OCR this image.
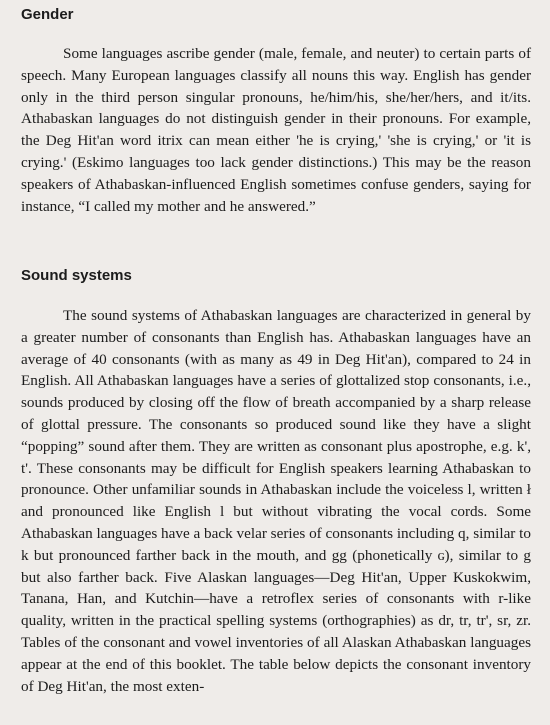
Gender

Some languages ascribe gender (male, female, and neuter) to certain parts of speech. Many European languages classify all nouns this way. English has gender only in the third person singular pronouns, he/him/his, she/her/hers, and it/its. Athabaskan languages do not distinguish gender in their pronouns. For example, the Deg Hit'an word itrix can mean either 'he is crying,' 'she is crying,' or 'it is crying.' (Eskimo languages too lack gender distinctions.) This may be the reason speakers of Athabaskan-influenced English sometimes confuse genders, saying for instance, “I called my mother and he answered.”

Sound systems

The sound systems of Athabaskan languages are characterized in general by a greater number of consonants than English has. Athabaskan languages have an average of 40 consonants (with as many as 49 in Deg Hit'an), compared to 24 in English. All Athabaskan languages have a series of glottalized stop consonants, i.e., sounds produced by closing off the flow of breath accompanied by a sharp release of glottal pressure. The consonants so produced sound like they have a slight “popping” sound after them. They are written as consonant plus apostrophe, e.g. k', t'. These consonants may be difficult for English speakers learning Athabaskan to pronounce. Other unfamiliar sounds in Athabaskan include the voiceless l, written ł and pronounced like English l but without vibrating the vocal cords. Some Athabaskan languages have a back velar series of consonants including q, similar to k but pronounced farther back in the mouth, and gg (phonetically ɢ), similar to g but also farther back. Five Alaskan languages—Deg Hit'an, Upper Kuskokwim, Tanana, Han, and Kutchin—have a retroflex series of consonants with r-like quality, written in the practical spelling systems (orthographies) as dr, tr, tr', sr, zr. Tables of the consonant and vowel inventories of all Alaskan Athabaskan languages appear at the end of this booklet. The table below depicts the consonant inventory of Deg Hit'an, the most exten-
